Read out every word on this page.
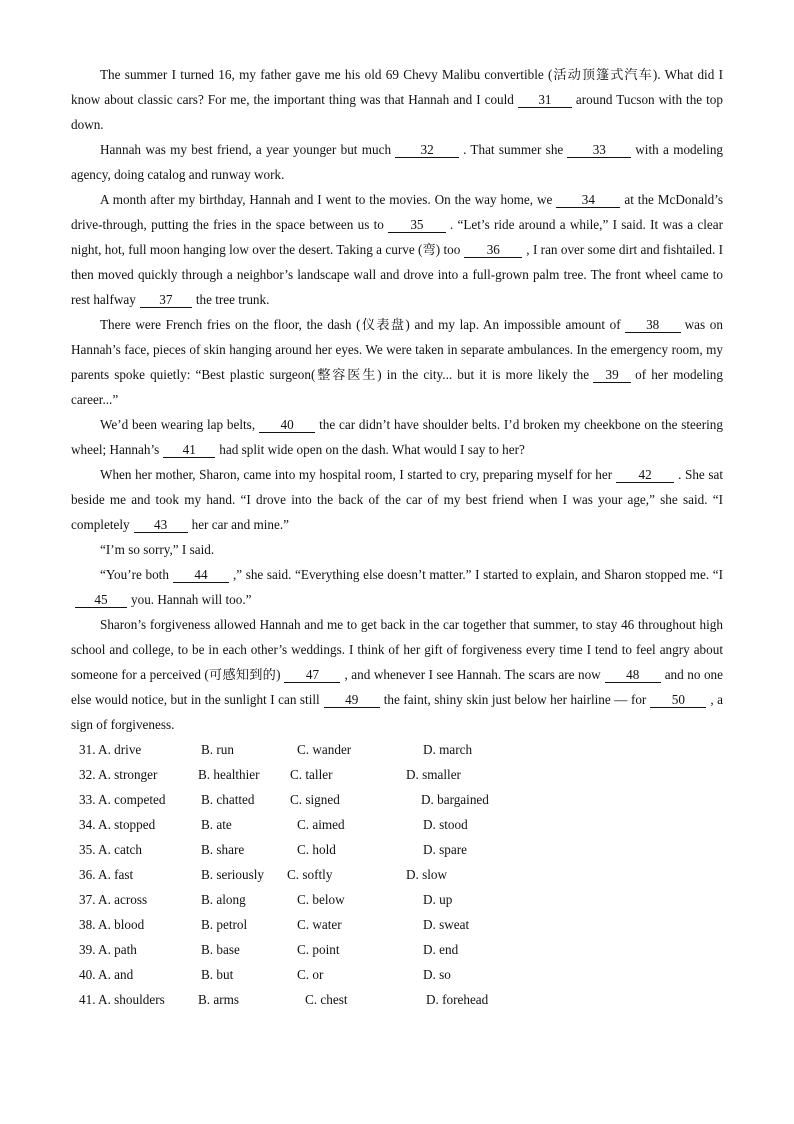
The summer I turned 16, my father gave me his old 69 Chevy Malibu convertible (活动顶篷式汽车). What did I know about classic cars? For me, the important thing was that Hannah and I could 31 around Tucson with the top down.

Hannah was my best friend, a year younger but much 32 . That summer she 33 with a modeling agency, doing catalog and runway work.

A month after my birthday, Hannah and I went to the movies. On the way home, we 34 at the McDonald’s drive-through, putting the fries in the space between us to 35 . “Let’s ride around a while,” I said. It was a clear night, hot, full moon hanging low over the desert. Taking a curve (弯) too 36 , I ran over some dirt and fishtailed. I then moved quickly through a neighbor’s landscape wall and drove into a full-grown palm tree. The front wheel came to rest halfway 37 the tree trunk.

There were French fries on the floor, the dash (仪表盘) and my lap. An impossible amount of 38 was on Hannah’s face, pieces of skin hanging around her eyes. We were taken in separate ambulances. In the emergency room, my parents spoke quietly: “Best plastic surgeon(整容医生) in the city... but it is more likely the 39 of her modeling career...”

We’d been wearing lap belts, 40 the car didn’t have shoulder belts. I’d broken my cheekbone on the steering wheel; Hannah’s 41 had split wide open on the dash. What would I say to her?

When her mother, Sharon, came into my hospital room, I started to cry, preparing myself for her 42 . She sat beside me and took my hand. “I drove into the back of the car of my best friend when I was your age,” she said. “I completely 43 her car and mine.”

“I’m so sorry,” I said.

“You’re both 44 ,” she said. “Everything else doesn’t matter.” I started to explain, and Sharon stopped me. “I45 you. Hannah will too.”

Sharon’s forgiveness allowed Hannah and me to get back in the car together that summer, to stay 46 throughout high school and college, to be in each other’s weddings. I think of her gift of forgiveness every time I tend to feel angry about someone for a perceived (可感知到的) 47 , and whenever I see Hannah. The scars are now 48 and no one else would notice, but in the sunlight I can still 49 the faint, shiny skin just below her hairline — for 50 , a sign of forgiveness.

31. A. drive	B. run	C. wander	D. march
32. A. stronger	B. healthier C. taller	D. smaller
33. A. competed	B. chatted	C. signed	D. bargained
34. A. stopped	B. ate	C. aimed	D. stood
35. A. catch	B. share	C. hold	D. spare
36. A. fast	B. seriously C. softly	D. slow
37. A. across	B. along	C. below	D. up
38. A. blood	B. petrol	C. water	D. sweat
39. A. path	B. base	C. point	D. end
40. A. and	B. but	C. or	D. so
41. A. shoulders	B. arms	C. chest	D. forehead
